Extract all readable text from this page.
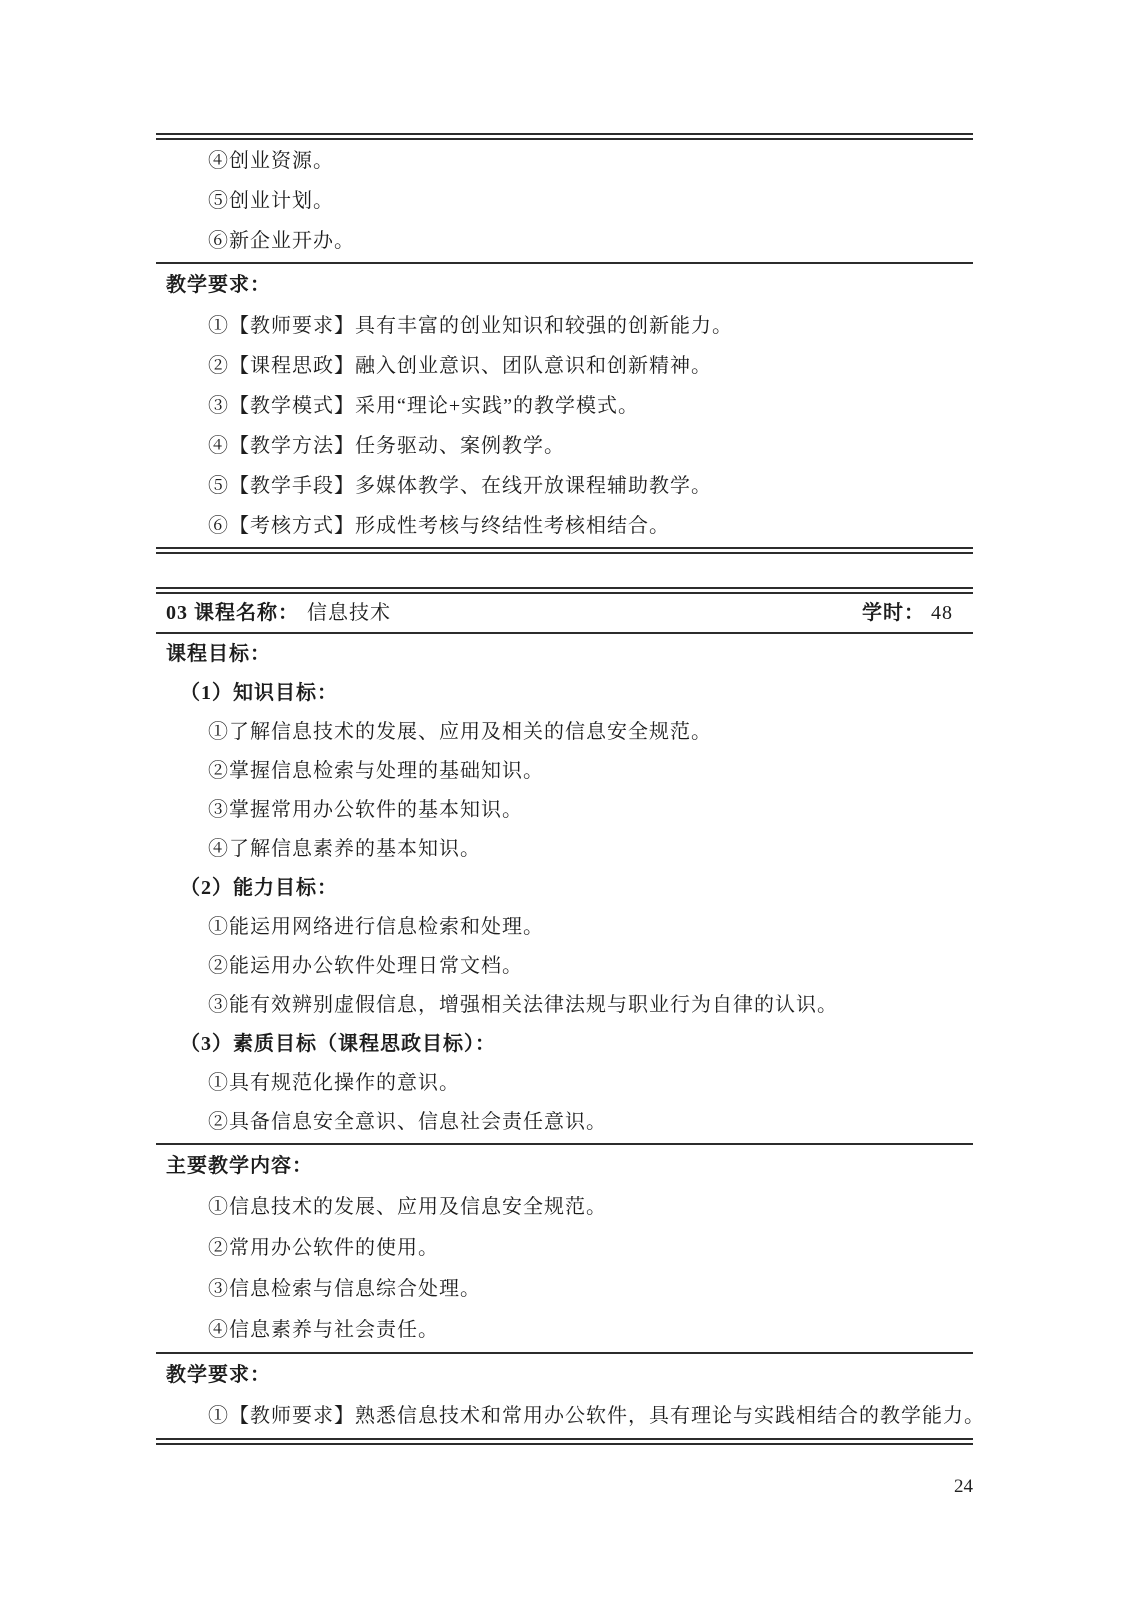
④创业资源。
⑤创业计划。
⑥新企业开办。
教学要求：
①【教师要求】具有丰富的创业知识和较强的创新能力。
②【课程思政】融入创业意识、团队意识和创新精神。
③【教学模式】采用“理论+实践”的教学模式。
④【教学方法】任务驱动、案例教学。
⑤【教学手段】多媒体教学、在线开放课程辅助教学。
⑥【考核方式】形成性考核与终结性考核相结合。
03 课程名称： 信息技术	学时： 48
课程目标：
（1）知识目标：
①了解信息技术的发展、应用及相关的信息安全规范。
②掌握信息检索与处理的基础知识。
③掌握常用办公软件的基本知识。
④了解信息素养的基本知识。
（2）能力目标：
①能运用网络进行信息检索和处理。
②能运用办公软件处理日常文档。
③能有效辨别虚假信息，增强相关法律法规与职业行为自律的认识。
（3）素质目标（课程思政目标）：
①具有规范化操作的意识。
②具备信息安全意识、信息社会责任意识。
主要教学内容：
①信息技术的发展、应用及信息安全规范。
②常用办公软件的使用。
③信息检索与信息综合处理。
④信息素养与社会责任。
教学要求：
①【教师要求】熟悉信息技术和常用办公软件，具有理论与实践相结合的教学能力。
24
